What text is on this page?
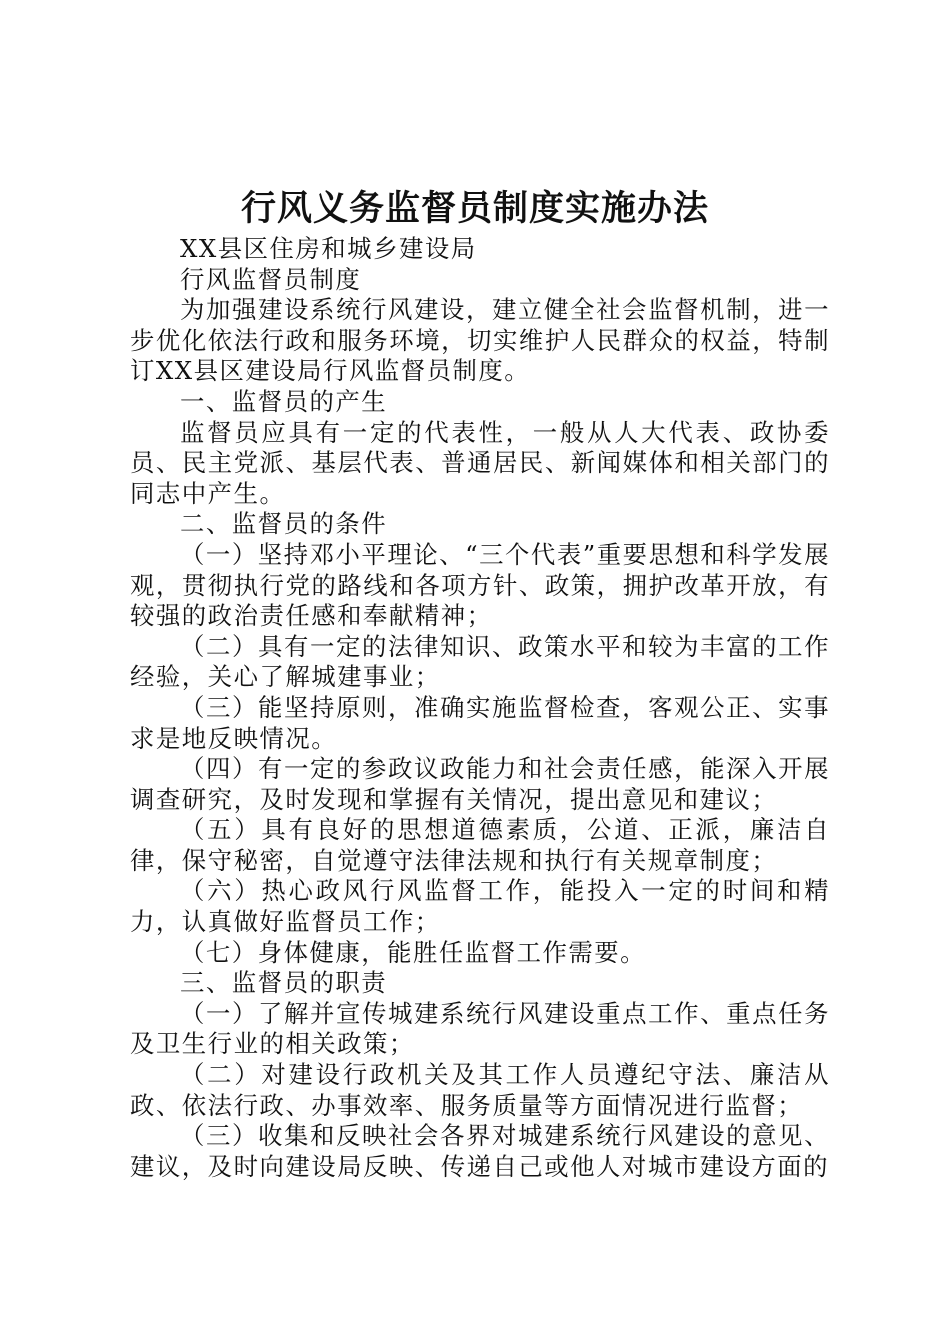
行风义务监督员制度实施办法

XX县区住房和城乡建设局

行风监督员制度

为加强建设系统行风建设，建立健全社会监督机制，进一步优化依法行政和服务环境，切实维护人民群众的权益，特制订XX县区建设局行风监督员制度。

一、监督员的产生

监督员应具有一定的代表性，一般从人大代表、政协委员、民主党派、基层代表、普通居民、新闻媒体和相关部门的同志中产生。

二、监督员的条件

（一）坚持邓小平理论、“三个代表”重要思想和科学发展观，贯彻执行党的路线和各项方针、政策，拥护改革开放，有较强的政治责任感和奉献精神；

（二）具有一定的法律知识、政策水平和较为丰富的工作经验，关心了解城建事业；

（三）能坚持原则，准确实施监督检查，客观公正、实事求是地反映情况。

（四）有一定的参政议政能力和社会责任感，能深入开展调查研究，及时发现和掌握有关情况，提出意见和建议；

（五）具有良好的思想道德素质，公道、正派，廉洁自律，保守秘密，自觉遵守法律法规和执行有关规章制度；

（六）热心政风行风监督工作，能投入一定的时间和精力，认真做好监督员工作；

（七）身体健康，能胜任监督工作需要。

三、监督员的职责

（一）了解并宣传城建系统行风建设重点工作、重点任务及卫生行业的相关政策；

（二）对建设行政机关及其工作人员遵纪守法、廉洁从政、依法行政、办事效率、服务质量等方面情况进行监督；

（三）收集和反映社会各界对城建系统行风建设的意见、建议，及时向建设局反映、传递自己或他人对城市建设方面的
